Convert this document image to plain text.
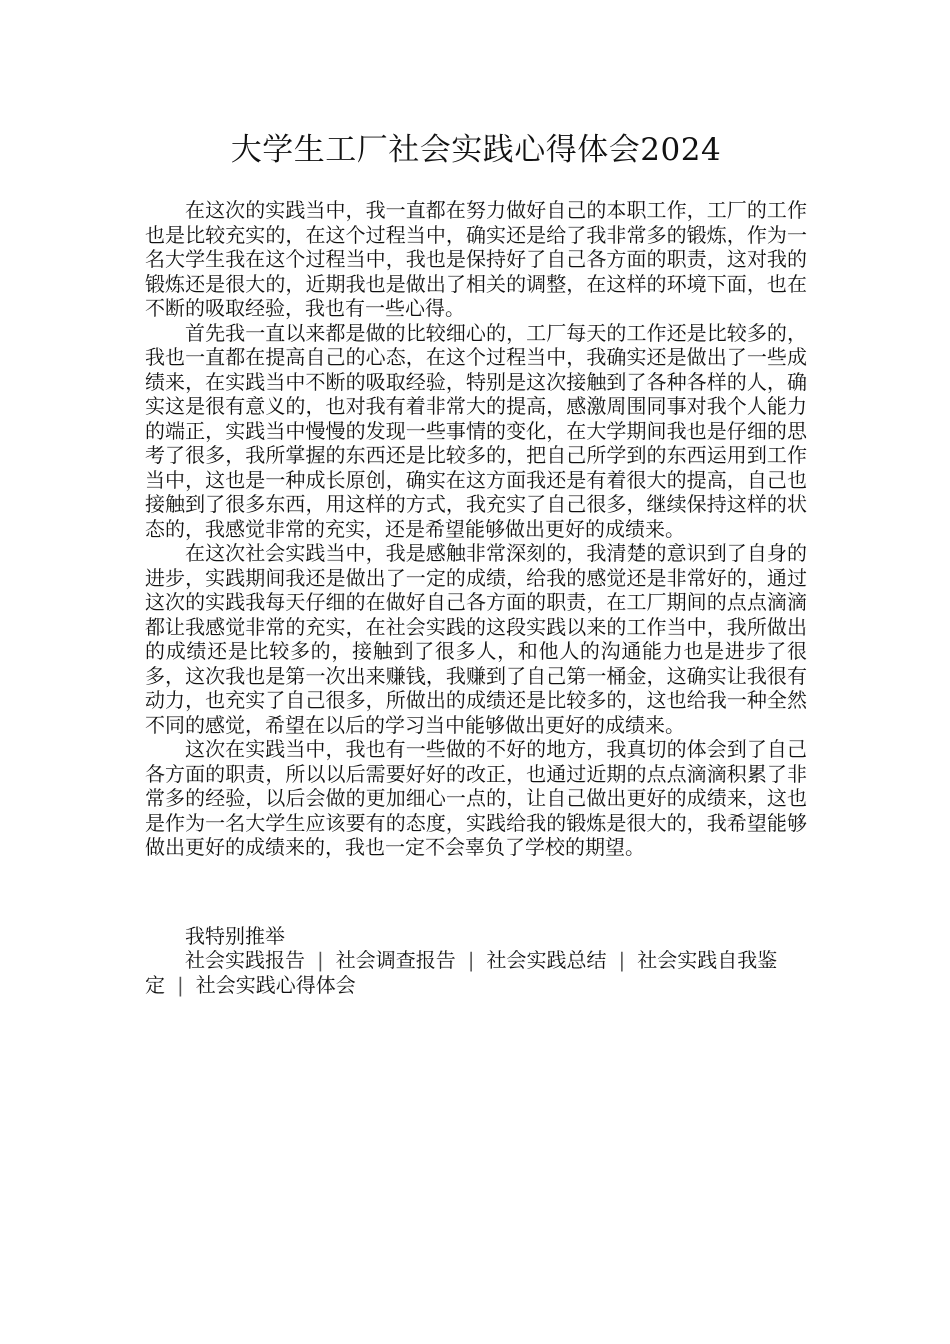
大学生工厂社会实践心得体会2024

在这次的实践当中，我一直都在努力做好自己的本职工作，工厂的工作也是比较充实的，在这个过程当中，确实还是给了我非常多的锻炼，作为一名大学生我在这个过程当中，我也是保持好了自己各方面的职责，这对我的锻炼还是很大的，近期我也是做出了相关的调整，在这样的环境下面，也在不断的吸取经验，我也有一些心得。

首先我一直以来都是做的比较细心的，工厂每天的工作还是比较多的，我也一直都在提高自己的心态，在这个过程当中，我确实还是做出了一些成绩来，在实践当中不断的吸取经验，特别是这次接触到了各种各样的人，确实这是很有意义的，也对我有着非常大的提高，感激周围同事对我个人能力的端正，实践当中慢慢的发现一些事情的变化，在大学期间我也是仔细的思考了很多，我所掌握的东西还是比较多的，把自己所学到的东西运用到工作当中，这也是一种成长原创，确实在这方面我还是有着很大的提高，自己也接触到了很多东西，用这样的方式，我充实了自己很多，继续保持这样的状态的，我感觉非常的充实，还是希望能够做出更好的成绩来。

在这次社会实践当中，我是感触非常深刻的，我清楚的意识到了自身的进步，实践期间我还是做出了一定的成绩，给我的感觉还是非常好的，通过这次的实践我每天仔细的在做好自己各方面的职责，在工厂期间的点点滴滴都让我感觉非常的充实，在社会实践的这段实践以来的工作当中，我所做出的成绩还是比较多的，接触到了很多人，和他人的沟通能力也是进步了很多，这次我也是第一次出来赚钱，我赚到了自己第一桶金，这确实让我很有动力，也充实了自己很多，所做出的成绩还是比较多的，这也给我一种全然不同的感觉，希望在以后的学习当中能够做出更好的成绩来。

这次在实践当中，我也有一些做的不好的地方，我真切的体会到了自己各方面的职责，所以以后需要好好的改正，也通过近期的点点滴滴积累了非常多的经验，以后会做的更加细心一点的，让自己做出更好的成绩来，这也是作为一名大学生应该要有的态度，实践给我的锻炼是很大的，我希望能够做出更好的成绩来的，我也一定不会辜负了学校的期望。

我特别推举

社会实践报告 | 社会调查报告 | 社会实践总结 | 社会实践自我鉴定 | 社会实践心得体会
